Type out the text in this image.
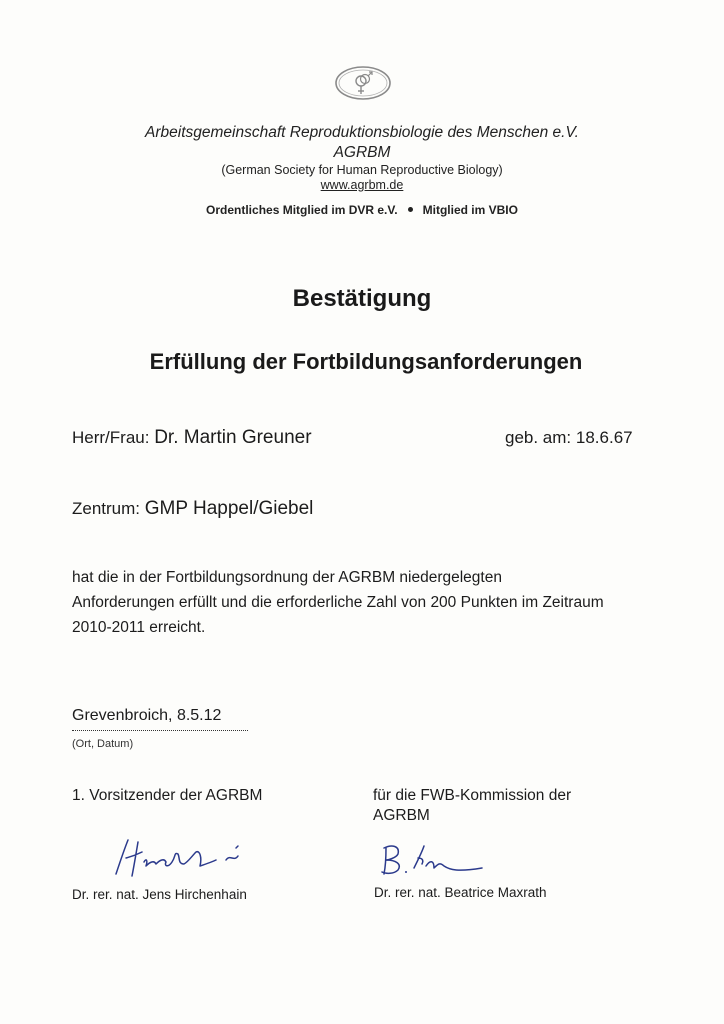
Arbeitsgemeinschaft Reproduktionsbiologie des Menschen e.V.
AGRBM
(German Society for Human Reproductive Biology)
www.agrbm.de
Ordentliches Mitglied im DVR e.V. Mitglied im VBIO
Bestätigung
Erfüllung der Fortbildungsanforderungen
Herr/Frau: Dr. Martin Greuner	geb. am: 18.6.67
Zentrum: GMP Happel/Giebel
hat die in der Fortbildungsordnung der AGRBM niedergelegten
Anforderungen erfüllt und die erforderliche Zahl von 200 Punkten im Zeitraum
2010-2011 erreicht.
Grevenbroich, 8.5.12
(Ort, Datum)
1. Vorsitzender der AGRBM	für die FWB-Kommission der
AGRBM
Dr. rer. nat. Jens Hirchenhain	Dr. rer. nat. Beatrice Maxrath
